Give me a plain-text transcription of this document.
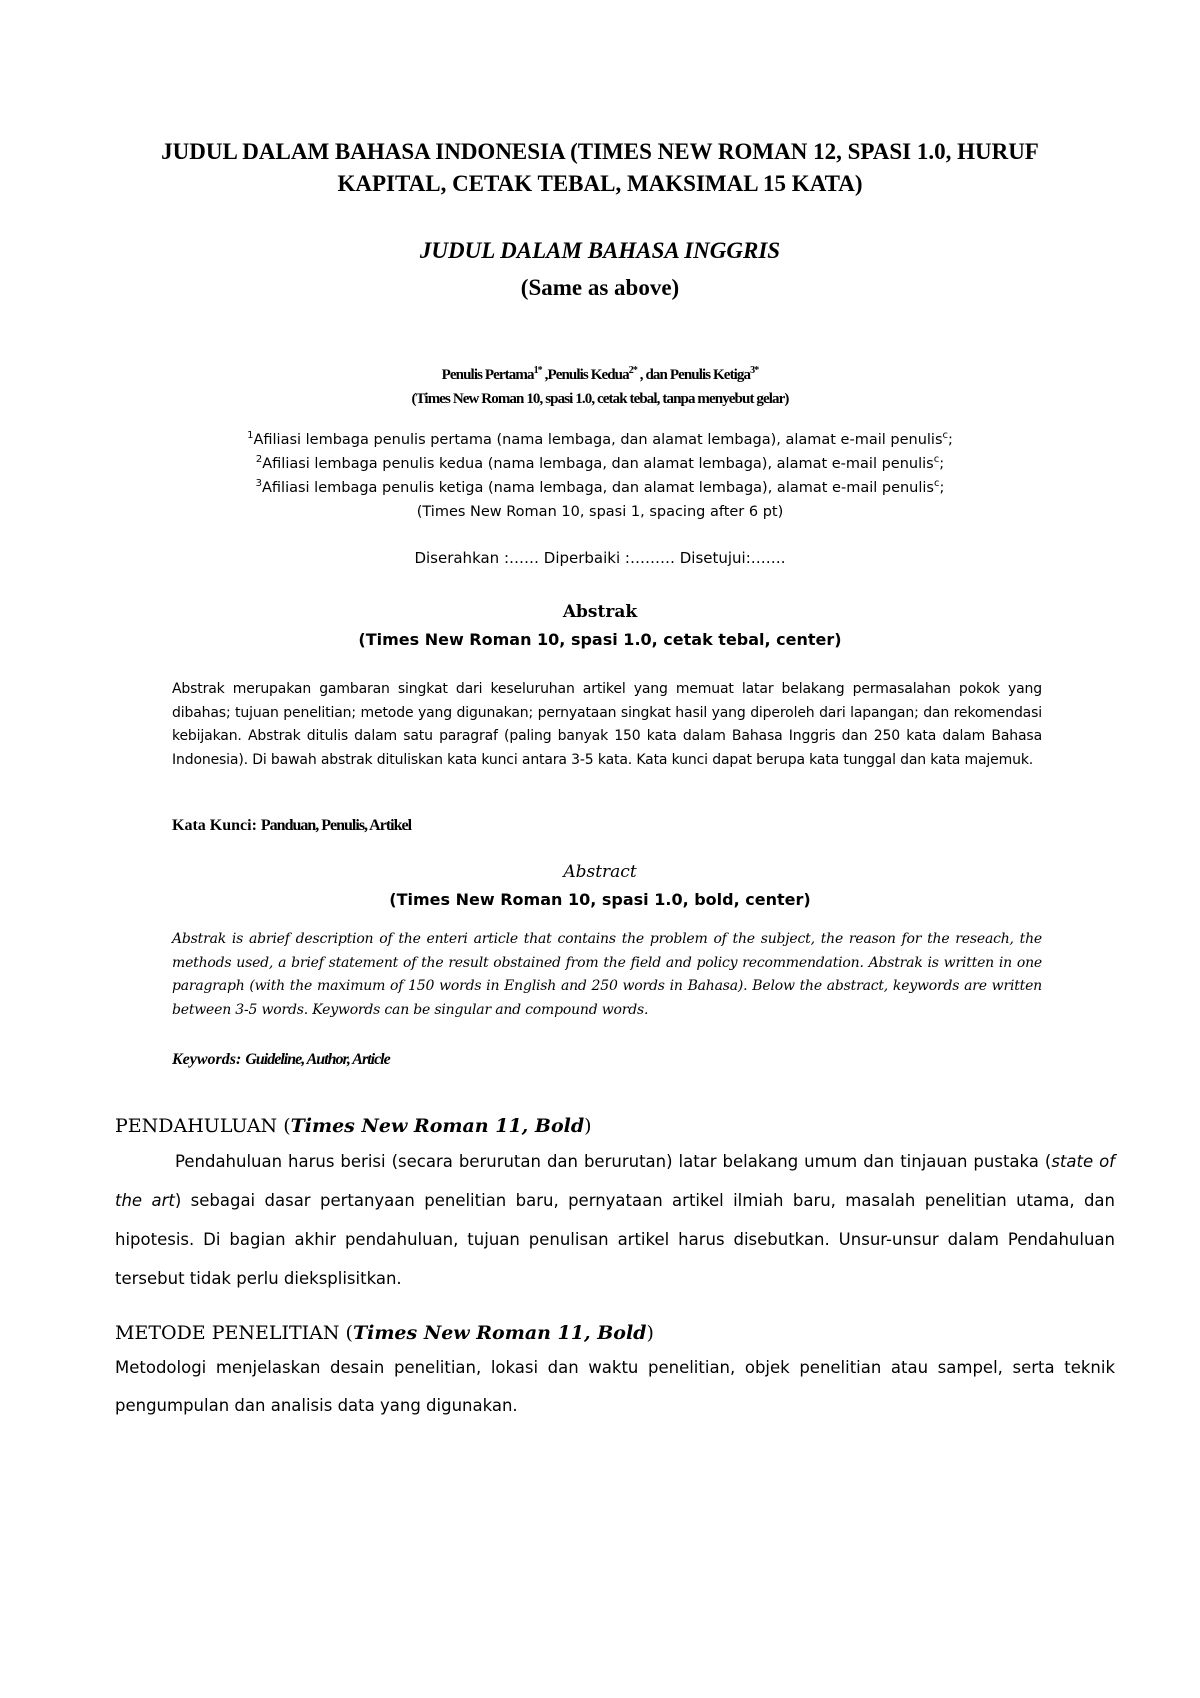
JUDUL DALAM BAHASA INDONESIA (TIMES NEW ROMAN 12, SPASI 1.0, HURUF KAPITAL, CETAK TEBAL, MAKSIMAL 15 KATA)
JUDUL DALAM BAHASA INGGRIS
(Same as above)
Penulis Pertama$^{1*}$ ,Penulis Kedua$^{2*}$ , dan Penulis Ketiga$^{3*}$
(Times New Roman 10, spasi 1.0, cetak tebal, tanpa menyebut gelar)
$^1$Afiliasi lembaga penulis pertama (nama lembaga, dan alamat lembaga), alamat e-mail penulis$^c$;
$^2$Afiliasi lembaga penulis kedua (nama lembaga, dan alamat lembaga), alamat e-mail penulis$^c$;
$^3$Afiliasi lembaga penulis ketiga (nama lembaga, dan alamat lembaga), alamat e-mail penulis$^c$;
(Times New Roman 10, spasi 1, spacing after 6 pt)
Diserahkan :…… Diperbaiki :……… Disetujui:…….
Abstrak
(Times New Roman 10, spasi 1.0, cetak tebal, center)
Abstrak merupakan gambaran singkat dari keseluruhan artikel yang memuat latar belakang permasalahan pokok yang dibahas; tujuan penelitian; metode yang digunakan; pernyataan singkat hasil yang diperoleh dari lapangan; dan rekomendasi kebijakan. Abstrak ditulis dalam satu paragraf (paling banyak 150 kata dalam Bahasa Inggris dan 250 kata dalam Bahasa Indonesia). Di bawah abstrak dituliskan kata kunci antara 3-5 kata. Kata kunci dapat berupa kata tunggal dan kata majemuk.
Kata Kunci: Panduan, Penulis, Artikel
Abstract
(Times New Roman 10, spasi 1.0, bold, center)
Abstrak is abrief description of the enteri article that contains the problem of the subject, the reason for the reseach, the methods used, a brief statement of the result obstained from the field and policy recommendation. Abstrak is written in one paragraph (with the maximum of 150 words in English and 250 words in Bahasa). Below the abstract, keywords are written between 3-5 words. Keywords can be singular and compound words.
Keywords: Guideline, Author, Article
PENDAHULUAN (Times New Roman 11, Bold)
Pendahuluan harus berisi (secara berurutan dan berurutan) latar belakang umum dan tinjauan pustaka (state of the art) sebagai dasar pertanyaan penelitian baru, pernyataan artikel ilmiah baru, masalah penelitian utama, dan hipotesis. Di bagian akhir pendahuluan, tujuan penulisan artikel harus disebutkan. Unsur-unsur dalam Pendahuluan tersebut tidak perlu dieksplisitkan.
METODE PENELITIAN (Times New Roman 11, Bold)
Metodologi menjelaskan desain penelitian, lokasi dan waktu penelitian, objek penelitian atau sampel, serta teknik pengumpulan dan analisis data yang digunakan.
